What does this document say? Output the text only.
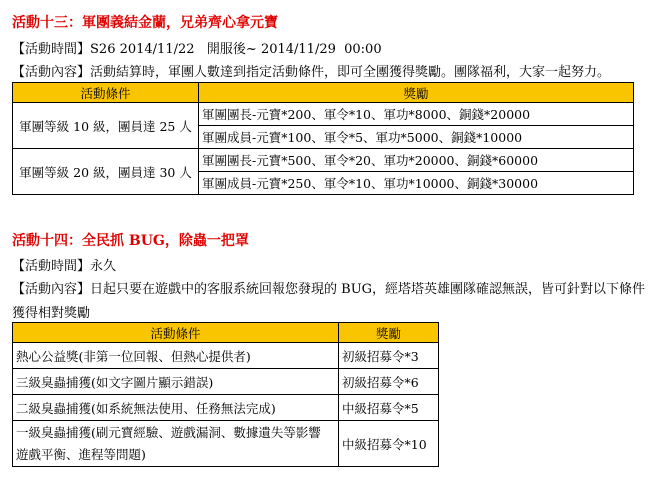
活動十三：軍團義結金蘭，兄弟齊心拿元寶
【活動時間】S26 2014/11/22   開服後~ 2014/11/29  00:00
【活動內容】活動結算時，軍團人數達到指定活動條件，即可全團獲得獎勵。團隊福利，大家一起努力。
活動條件	獎勵
軍團等級 10 級，團員達 25 人	軍團團長-元寶*200、軍令*10、軍功*8000、銅錢*20000
	軍團成員-元寶*100、軍令*5、軍功*5000、銅錢*10000
軍團等級 20 級，團員達 30 人	軍團團長-元寶*500、軍令*20、軍功*20000、銅錢*60000
	軍團成員-元寶*250、軍令*10、軍功*10000、銅錢*30000
活動十四：全民抓 BUG，除蟲一把罩
【活動時間】永久
【活動內容】日起只要在遊戲中的客服系統回報您發現的 BUG，經塔塔英雄團隊確認無誤，皆可針對以下條件
獲得相對獎勵
活動條件	獎勵
熱心公益獎(非第一位回報、但熱心提供者)	初級招募令*3
三級臭蟲捕獲(如文字圖片顯示錯誤)	初級招募令*6
二級臭蟲捕獲(如系統無法使用、任務無法完成)	中級招募令*5

一級臭蟲捕獲(刷元寶經驗、遊戲漏洞、數據遺失等影響
遊戲平衡、進程等問題)	中級招募令*10
